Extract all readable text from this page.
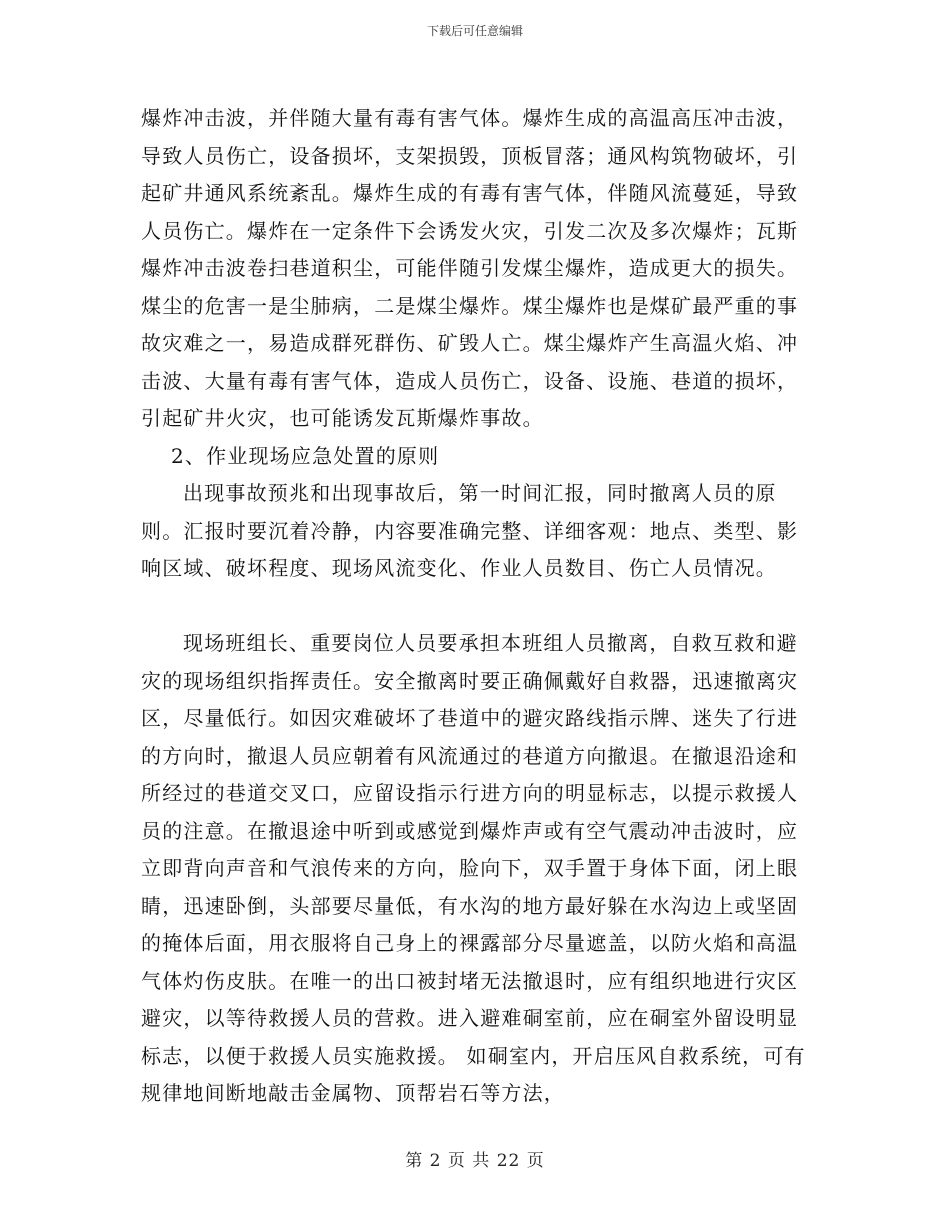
下载后可任意编辑

爆炸冲击波，并伴随大量有毒有害气体。爆炸生成的高温高压冲击波，导致人员伤亡，设备损坏，支架损毁，顶板冒落；通风构筑物破坏，引起矿井通风系统紊乱。爆炸生成的有毒有害气体，伴随风流蔓延，导致人员伤亡。爆炸在一定条件下会诱发火灾，引发二次及多次爆炸；瓦斯爆炸冲击波卷扫巷道积尘，可能伴随引发煤尘爆炸，造成更大的损失。 煤尘的危害一是尘肺病，二是煤尘爆炸。煤尘爆炸也是煤矿最严重的事故灾难之一，易造成群死群伤、矿毁人亡。煤尘爆炸产生高温火焰、冲击波、大量有毒有害气体，造成人员伤亡，设备、设施、巷道的损坏，引起矿井火灾，也可能诱发瓦斯爆炸事故。

2、作业现场应急处置的原则

出现事故预兆和出现事故后，第一时间汇报，同时撤离人员的原则。汇报时要沉着冷静，内容要准确完整、详细客观：地点、类型、影响区域、破坏程度、现场风流变化、作业人员数目、伤亡人员情况。

现场班组长、重要岗位人员要承担本班组人员撤离，自救互救和避灾的现场组织指挥责任。安全撤离时要正确佩戴好自救器，迅速撤离灾区，尽量低行。如因灾难破坏了巷道中的避灾路线指示牌、迷失了行进的方向时，撤退人员应朝着有风流通过的巷道方向撤退。在撤退沿途和所经过的巷道交叉口，应留设指示行进方向的明显标志，以提示救援人员的注意。在撤退途中听到或感觉到爆炸声或有空气震动冲击波时，应立即背向声音和气浪传来的方向，脸向下，双手置于身体下面，闭上眼睛，迅速卧倒，头部要尽量低，有水沟的地方最好躲在水沟边上或坚固的掩体后面，用衣服将自己身上的裸露部分尽量遮盖，以防火焰和高温气体灼伤皮肤。在唯一的出口被封堵无法撤退时，应有组织地进行灾区避灾，以等待救援人员的营救。进入避难硐室前，应在硐室外留设明显标志，以便于救援人员实施救援。 如硐室内，开启压风自救系统，可有规律地间断地敲击金属物、顶帮岩石等方法，

第 2 页 共 22 页
